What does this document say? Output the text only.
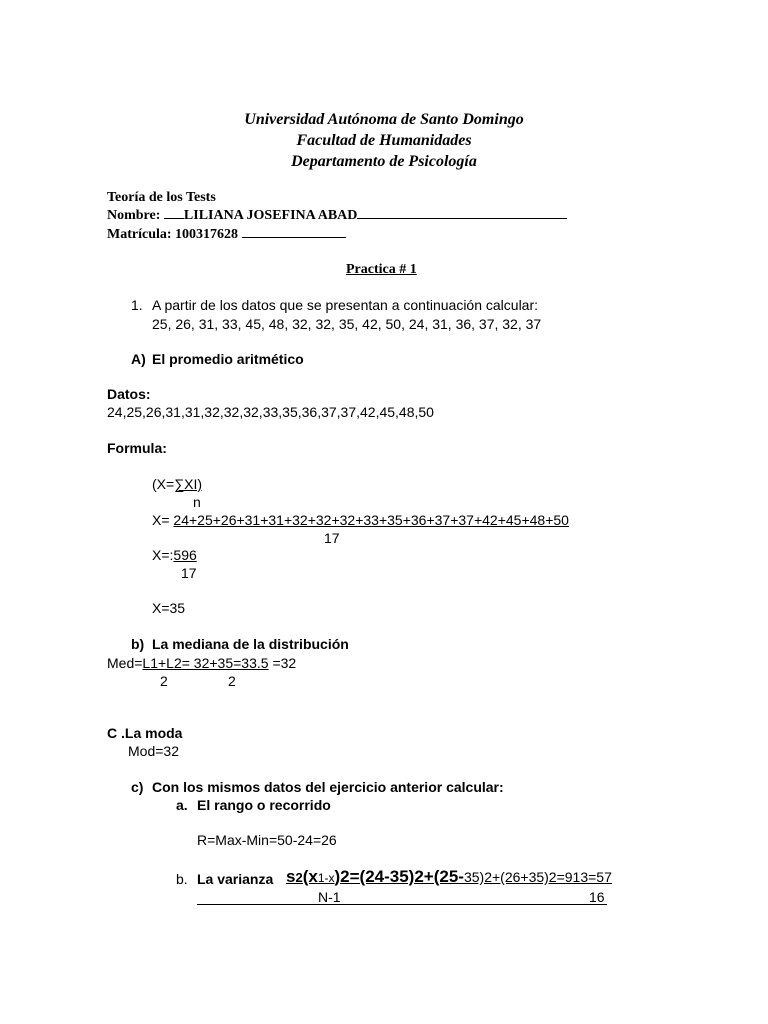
Universidad Autónoma de Santo Domingo
Facultad de Humanidades
Departamento de Psicología
Teoría de los Tests
Nombre: LILIANA JOSEFINA ABAD
Matrícula: 100317628
Practica # 1
1. A partir de los datos que se presentan a continuación calcular:
25, 26, 31, 33, 45, 48, 32, 32, 35, 42, 50, 24, 31, 36, 37, 32, 37
A) El promedio aritmético
Datos:
24,25,26,31,31,32,32,32,33,35,36,37,37,42,45,48,50
Formula:
(X=∑XI)
n
X= 24+25+26+31+31+32+32+32+33+35+36+37+37+42+45+48+50
17
X=:596
17
X=35
b) La mediana de la distribución
Med=L1+L2= 32+35=33.5 =32
2	2
C .La moda
Mod=32
c) Con los mismos datos del ejercicio anterior calcular:
a. El rango o recorrido
R=Max-Min=50-24=26
b. La varianza s2(x1-x)2=(24-35)2+(25-35)2+(26+35)2=913=57
N-1	16
